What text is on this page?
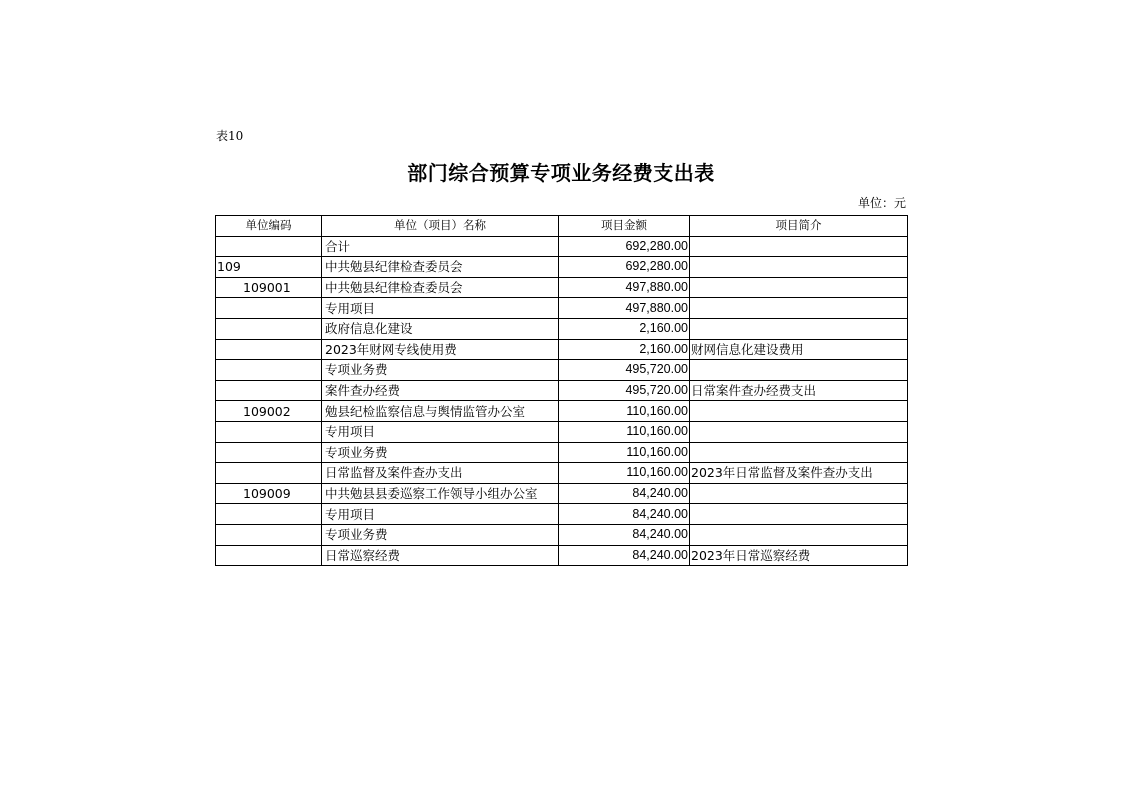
表10
部门综合预算专项业务经费支出表
单位：元
单位编码	单位（项目）名称	项目金额	项目简介
	合计	692,280.00	
109	中共勉县纪律检查委员会	692,280.00	
109001	中共勉县纪律检查委员会	497,880.00	
	专用项目	497,880.00	
	政府信息化建设	2,160.00	
	2023年财网专线使用费	2,160.00	财网信息化建设费用
	专项业务费	495,720.00	
	案件查办经费	495,720.00	日常案件查办经费支出
109002	勉县纪检监察信息与舆情监管办公室	110,160.00	
	专用项目	110,160.00	
	专项业务费	110,160.00	
	日常监督及案件查办支出	110,160.00	2023年日常监督及案件查办支出
109009	中共勉县县委巡察工作领导小组办公室	84,240.00	
	专用项目	84,240.00	
	专项业务费	84,240.00	
	日常巡察经费	84,240.00	2023年日常巡察经费
